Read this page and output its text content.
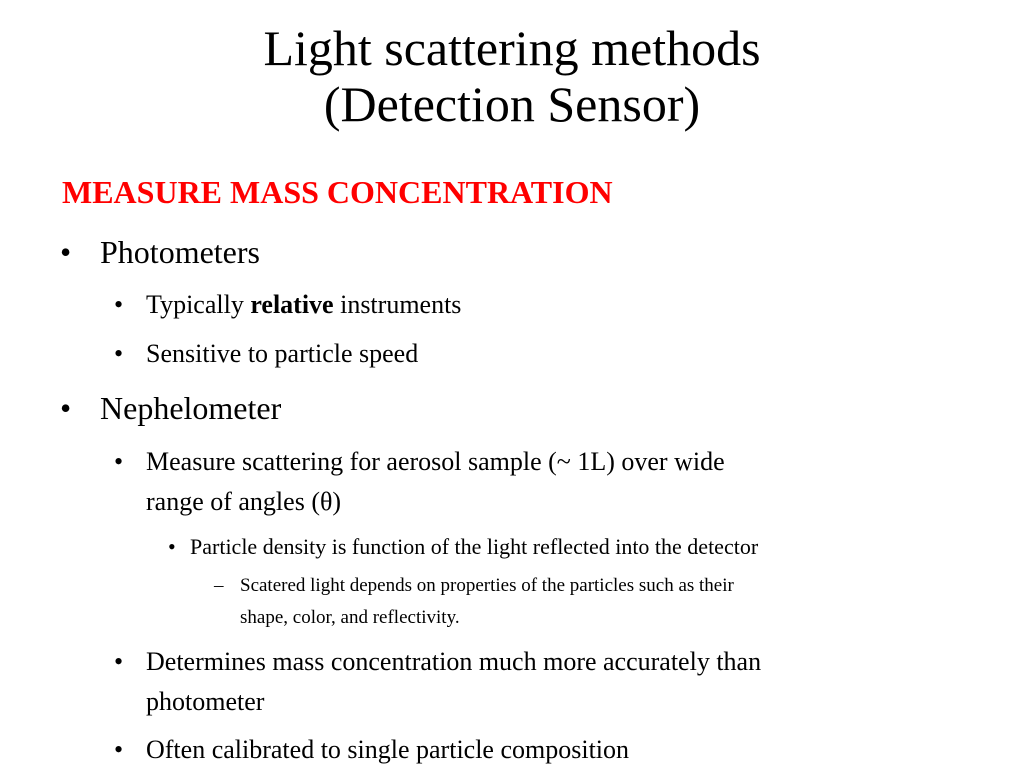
Light scattering methods
(Detection Sensor)
MEASURE MASS CONCENTRATION
• Photometers
• Typically relative instruments
• Sensitive to particle speed
• Nephelometer
• Measure scattering for aerosol sample (~ 1L) over wide
range of angles (θ)
• Particle density is function of the light reflected into the detector
– Scatered light depends on properties of the particles such as their
shape, color, and reflectivity.
• Determines mass concentration much more accurately than
photometer
• Often calibrated to single particle composition
